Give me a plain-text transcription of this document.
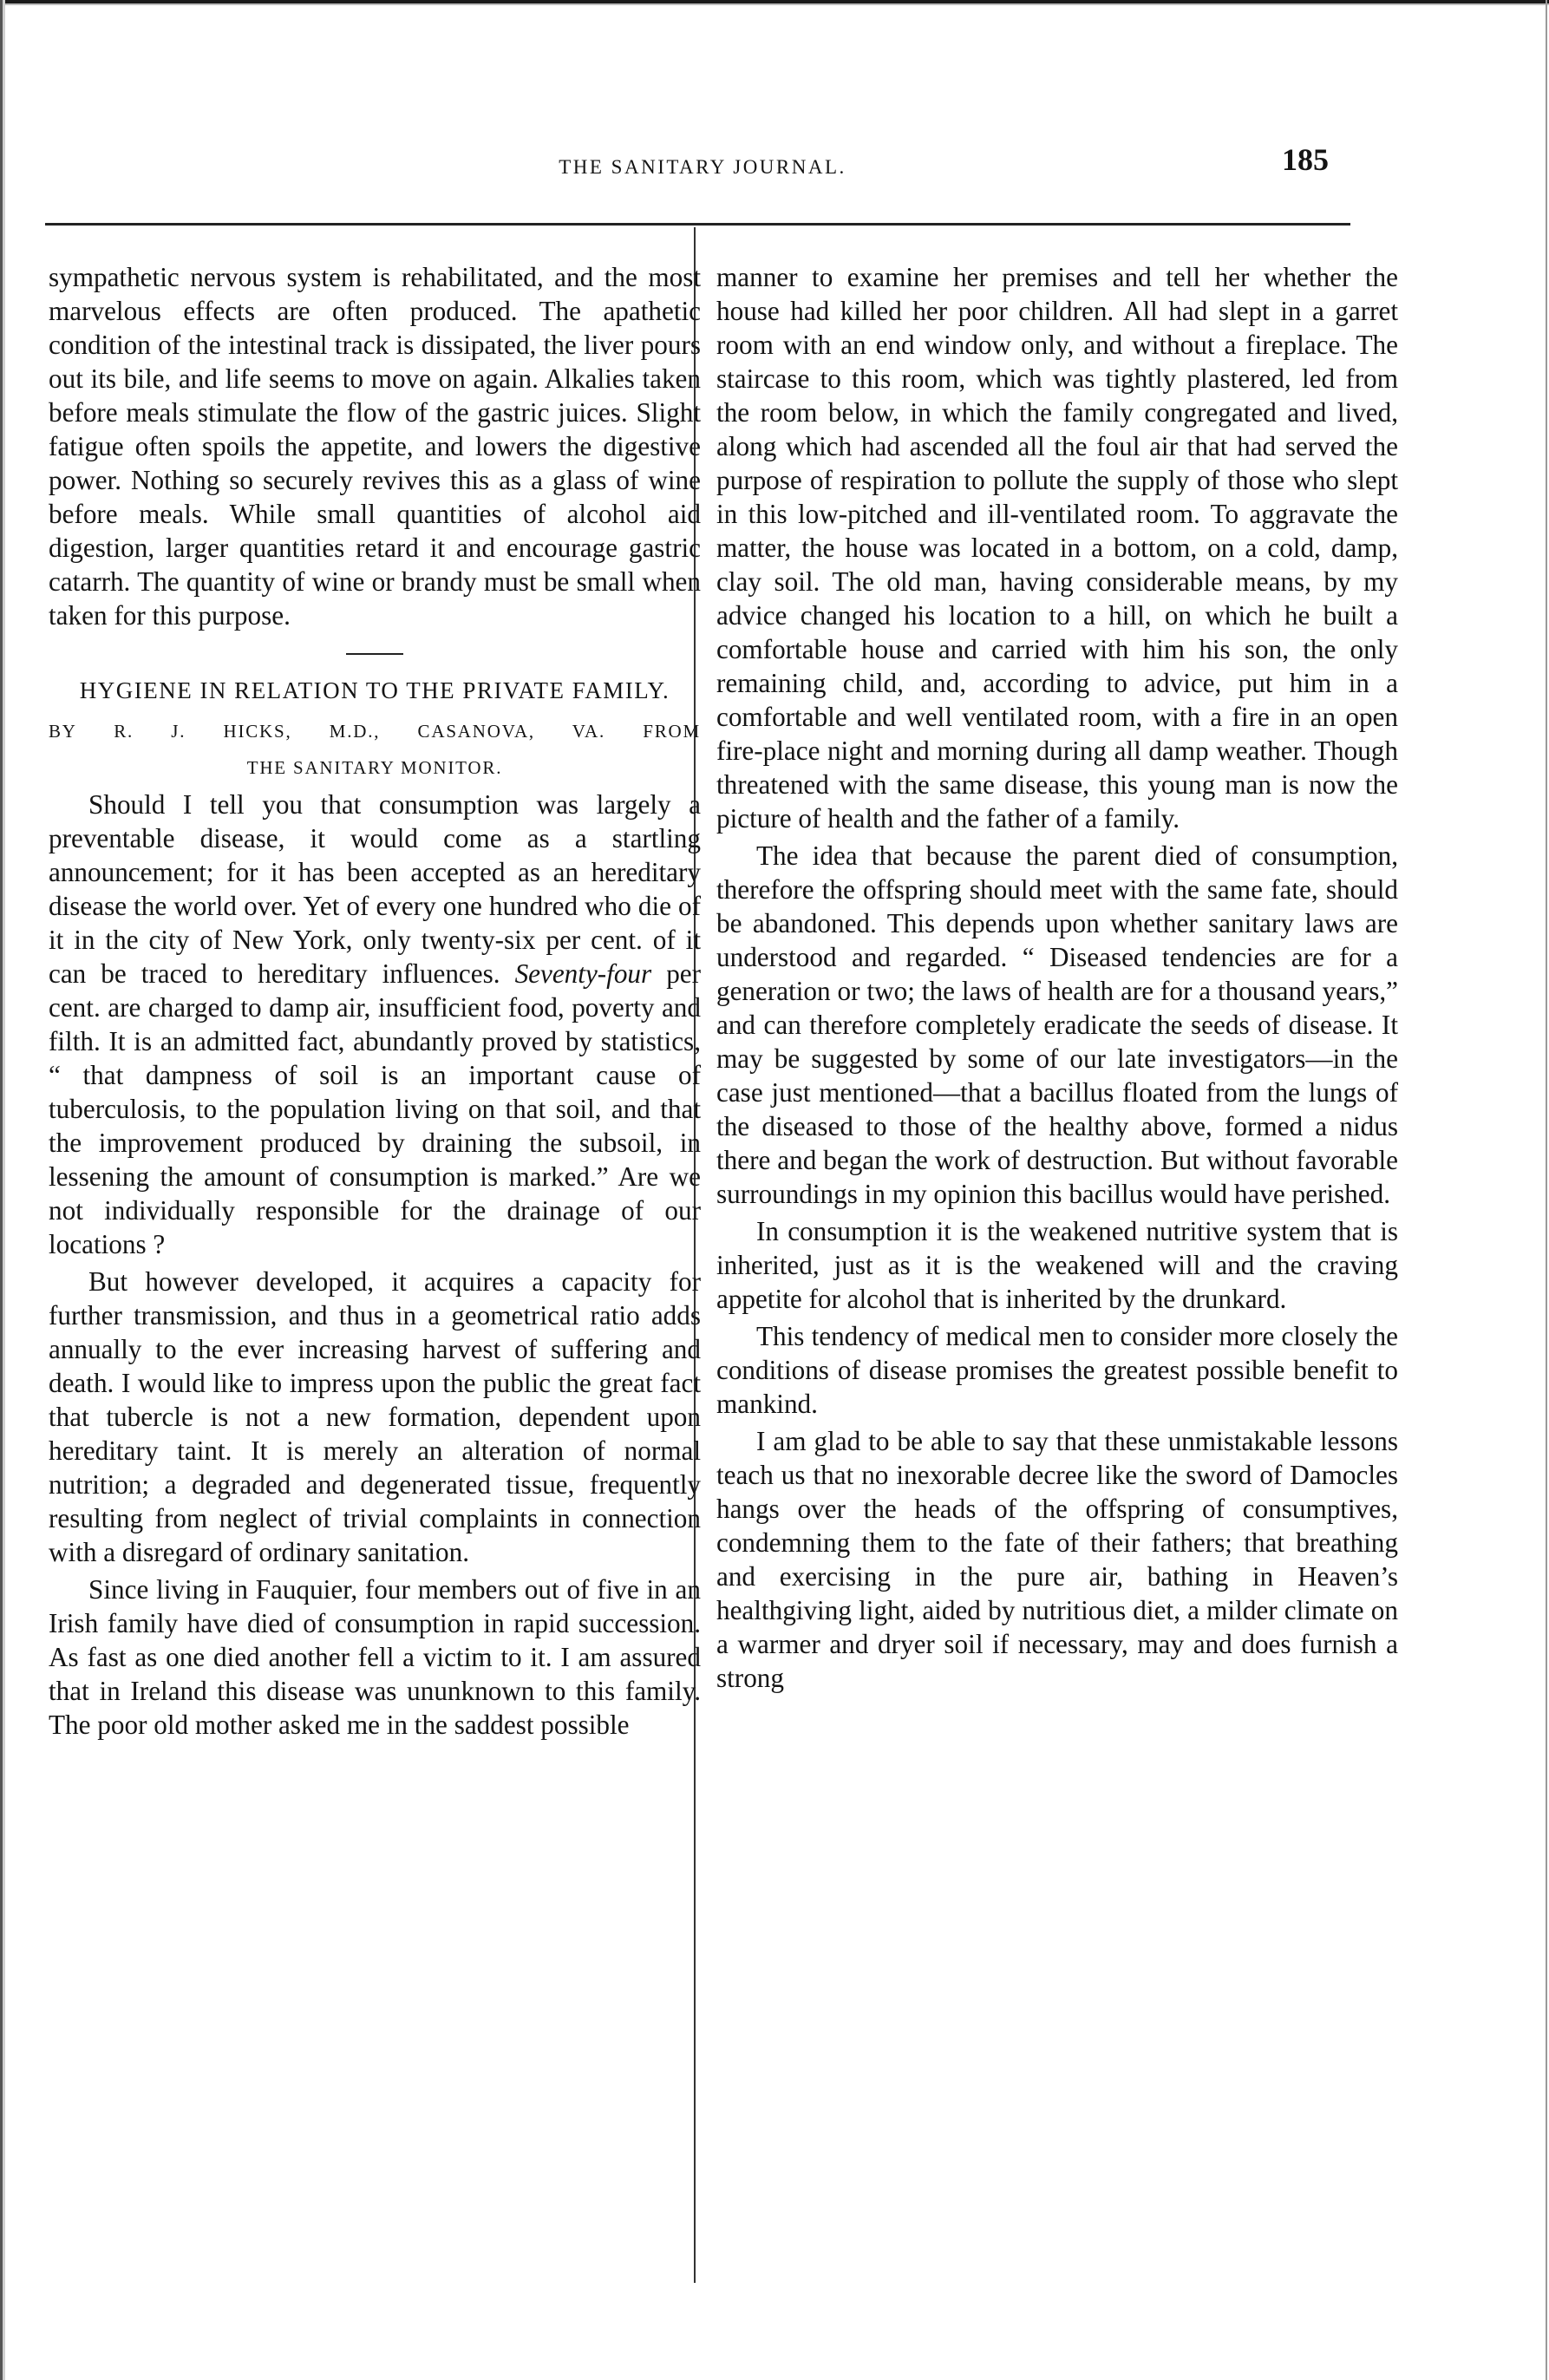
THE SANITARY JOURNAL.	185

sympathetic nervous system is rehabilitated, and the most marvelous effects are often produced. The apathetic condition of the intestinal track is dissipated, the liver pours out its bile, and life seems to move on again. Alkalies taken before meals stimulate the flow of the gastric juices. Slight fatigue often spoils the appetite, and lowers the digestive power. Nothing so securely revives this as a glass of wine before meals. While small quantities of alcohol aid digestion, larger quantities retard it and encourage gastric catarrh. The quantity of wine or brandy must be small when taken for this purpose.

HYGIENE IN RELATION TO THE PRIVATE FAMILY.
BY R. J. HICKS, M.D., CASANOVA, VA. FROM
THE SANITARY MONITOR.

Should I tell you that consumption was largely a preventable disease, it would come as a startling announcement; for it has been accepted as an hereditary disease the world over. Yet of every one hundred who die of it in the city of New York, only twenty-six per cent. of it can be traced to hereditary influences. Seventy-four per cent. are charged to damp air, insufficient food, poverty and filth. It is an admitted fact, abundantly proved by statistics, “ that dampness of soil is an important cause of tuberculosis, to the population living on that soil, and that the improvement produced by draining the subsoil, in lessening the amount of consumption is marked.” Are we not individually responsible for the drainage of our locations ?

But however developed, it acquires a capacity for further transmission, and thus in a geometrical ratio adds annually to the ever increasing harvest of suffering and death. I would like to impress upon the public the great fact that tubercle is not a new formation, dependent upon hereditary taint. It is merely an alteration of normal nutrition; a degraded and degenerated tissue, frequently resulting from neglect of trivial complaints in connection with a disregard of ordinary sanitation.

Since living in Fauquier, four members out of five in an Irish family have died of consumption in rapid succession. As fast as one died another fell a victim to it. I am assured that in Ireland this disease was ununknown to this family. The poor old mother asked me in the saddest possible

manner to examine her premises and tell her whether the house had killed her poor children. All had slept in a garret room with an end window only, and without a fireplace. The staircase to this room, which was tightly plastered, led from the room below, in which the family congregated and lived, along which had ascended all the foul air that had served the purpose of respiration to pollute the supply of those who slept in this low-pitched and ill-ventilated room. To aggravate the matter, the house was located in a bottom, on a cold, damp, clay soil. The old man, having considerable means, by my advice changed his location to a hill, on which he built a comfortable house and carried with him his son, the only remaining child, and, according to advice, put him in a comfortable and well ventilated room, with a fire in an open fire-place night and morning during all damp weather. Though threatened with the same disease, this young man is now the picture of health and the father of a family.

The idea that because the parent died of consumption, therefore the offspring should meet with the same fate, should be abandoned. This depends upon whether sanitary laws are understood and regarded. “ Diseased tendencies are for a generation or two; the laws of health are for a thousand years,” and can therefore completely eradicate the seeds of disease. It may be suggested by some of our late investigators—in the case just mentioned—that a bacillus floated from the lungs of the diseased to those of the healthy above, formed a nidus there and began the work of destruction. But without favorable surroundings in my opinion this bacillus would have perished.

In consumption it is the weakened nutritive system that is inherited, just as it is the weakened will and the craving appetite for alcohol that is inherited by the drunkard.

This tendency of medical men to consider more closely the conditions of disease promises the greatest possible benefit to mankind.

I am glad to be able to say that these unmistakable lessons teach us that no inexorable decree like the sword of Damocles hangs over the heads of the offspring of consumptives, condemning them to the fate of their fathers; that breathing and exercising in the pure air, bathing in Heaven’s healthgiving light, aided by nutritious diet, a milder climate on a warmer and dryer soil if necessary, may and does furnish a strong
